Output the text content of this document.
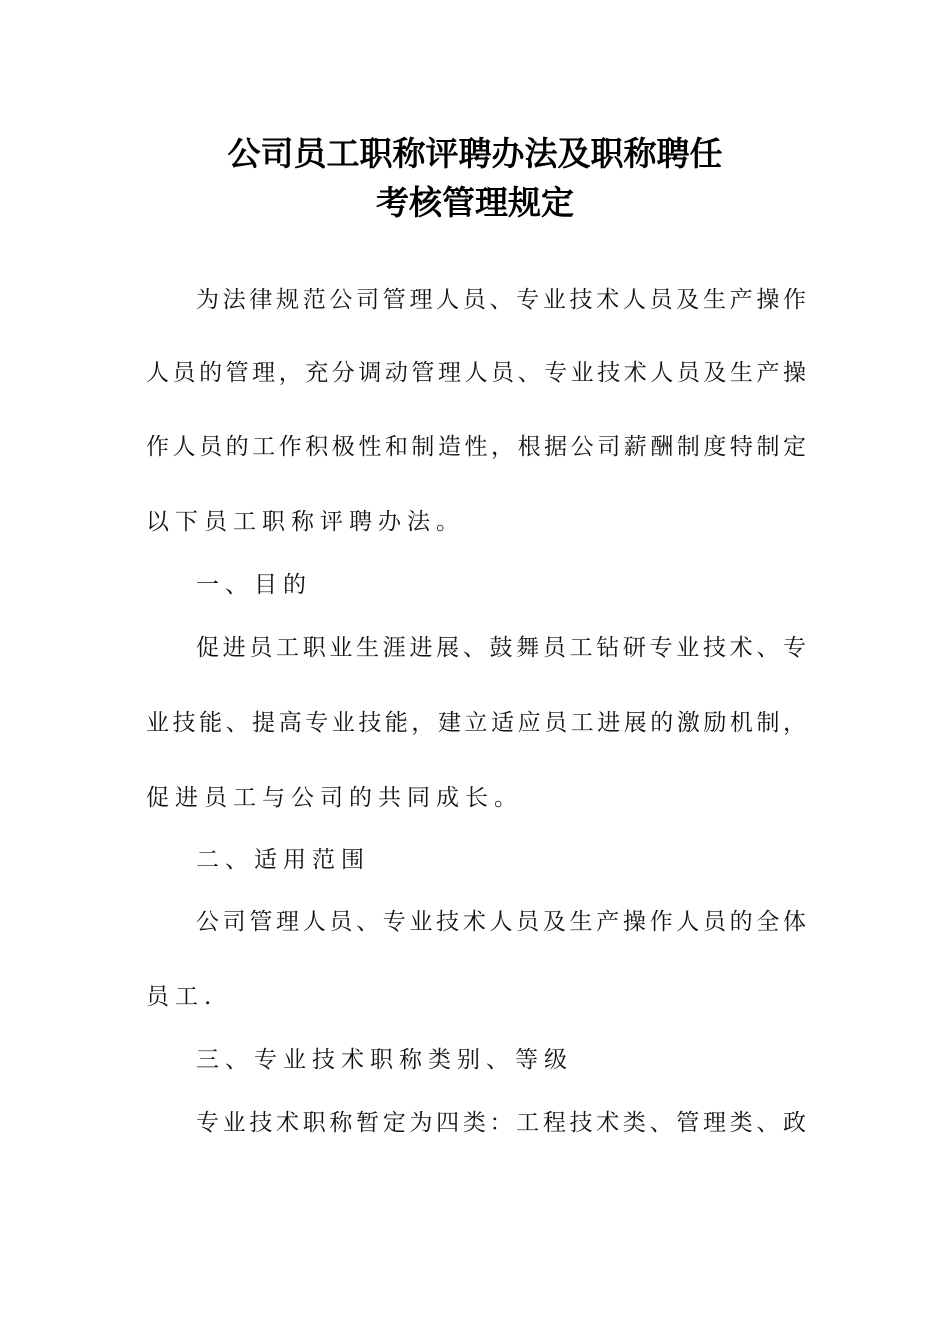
公司员工职称评聘办法及职称聘任
考核管理规定
为法律规范公司管理人员、专业技术人员及生产操作
人员的管理，充分调动管理人员、专业技术人员及生产操
作人员的工作积极性和制造性，根据公司薪酬制度特制定
以下员工职称评聘办法。
一、目的
促进员工职业生涯进展、鼓舞员工钻研专业技术、专
业技能、提高专业技能，建立适应员工进展的激励机制，
促进员工与公司的共同成长。
二、适用范围
公司管理人员、专业技术人员及生产操作人员的全体
员工.
三、专业技术职称类别、等级
专业技术职称暂定为四类：工程技术类、管理类、政
